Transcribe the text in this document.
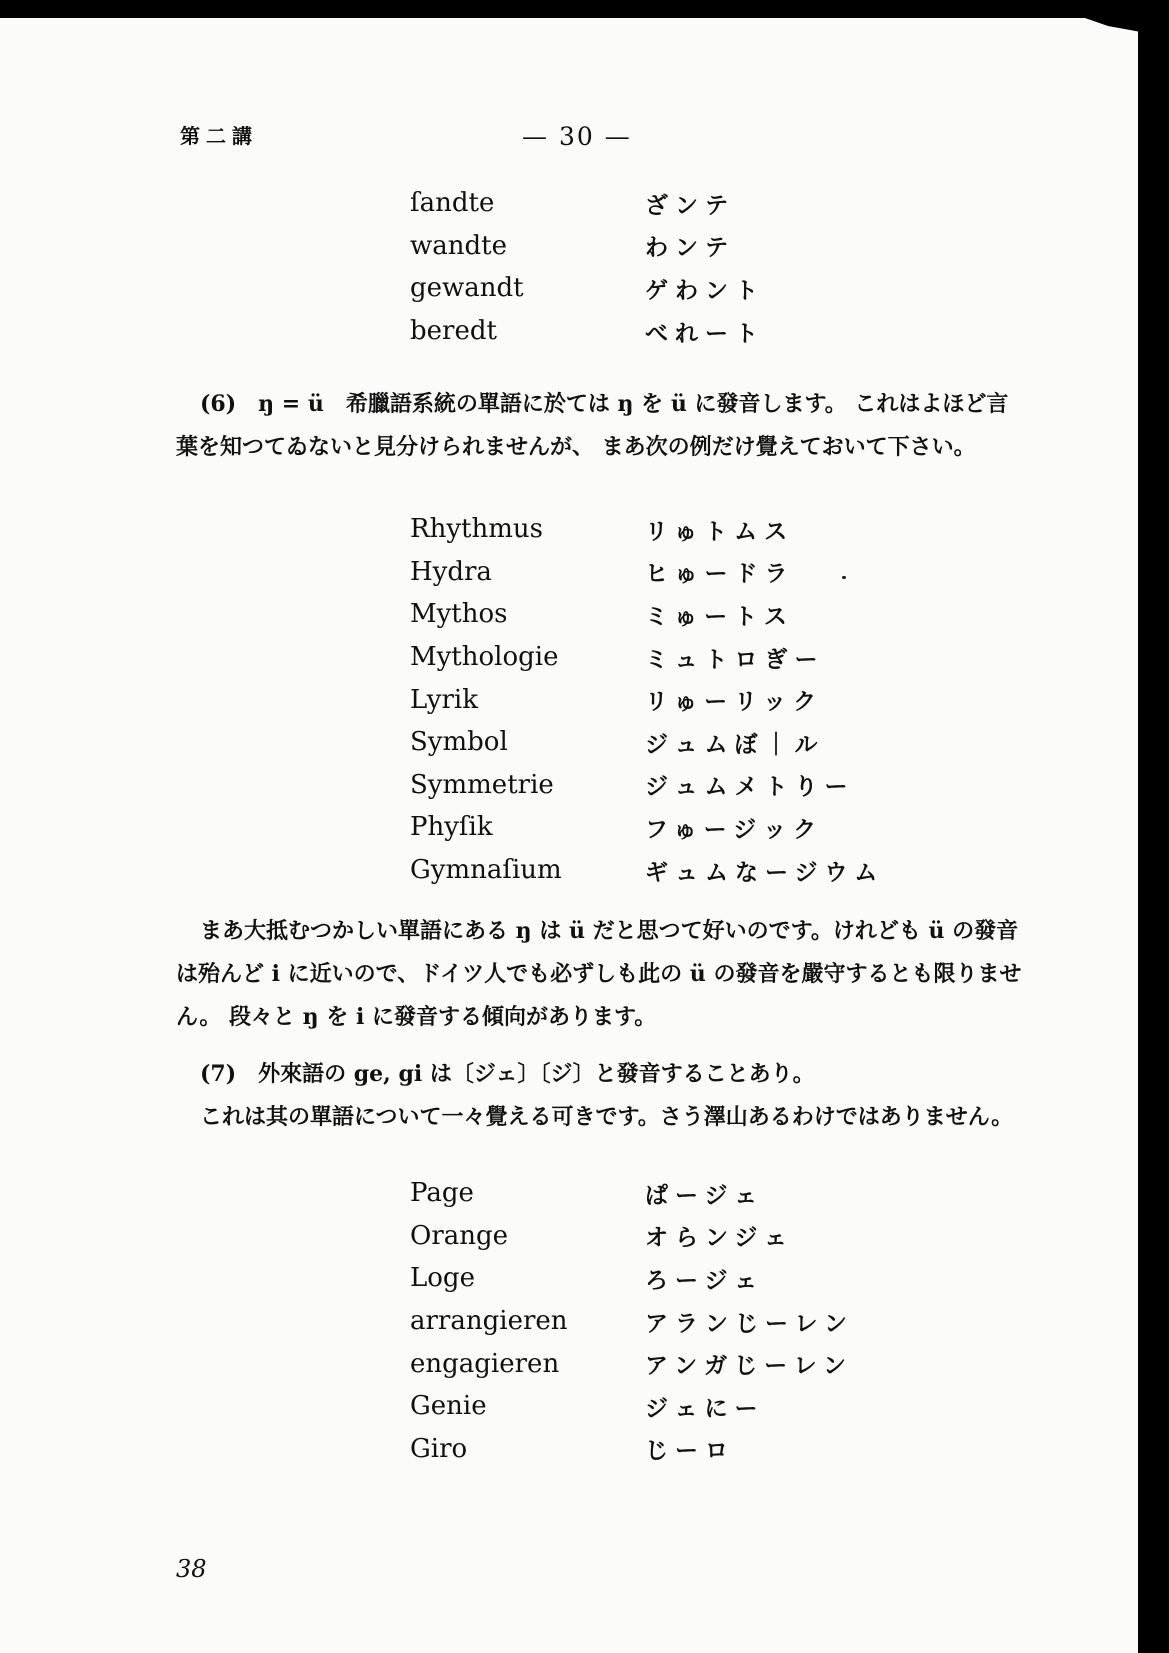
第二講	— 30 —
ſandte	ざンテ
wandte	わンテ
gewandt	ゲわント
beredt	べれート
(6)　ŋ = ü　希臘語系統の單語に於ては ŋ を ü に發音します。 これはよほど言葉を知つてゐないと見分けられませんが、 まあ次の例だけ覺えておいて下さい。
Rhythmus	リゅトムス
Hydra	ヒゅードラ
Mythos	ミゅートス
Mythologie	ミュトロぎー
Lyrik	リゅーリック
Symbol	ジュムぼ｜ル
Symmetrie	ジュムメトりー
Phyſik	フゅージック
Gymnaſium	ギュムなージウム
まあ大抵むつかしい單語にある ŋ は ü だと思つて好いのです。けれども ü の發音は殆んど i に近いので、ドイツ人でも必ずしも此の ü の發音を嚴守するとも限りません。 段々と ŋ を i に發音する傾向があります。
(7)　外來語の ge, gi は〔ジェ〕〔ジ〕と發音することあり。
これは其の單語について一々覺える可きです。さう澤山あるわけではありません。
Page	ぱージェ
Orange	オらンジェ
Loge	ろージェ
arrangieren	アランじーレン
engagieren	アンガじーレン
Genie	ジェにー
Giro	じーロ
38
